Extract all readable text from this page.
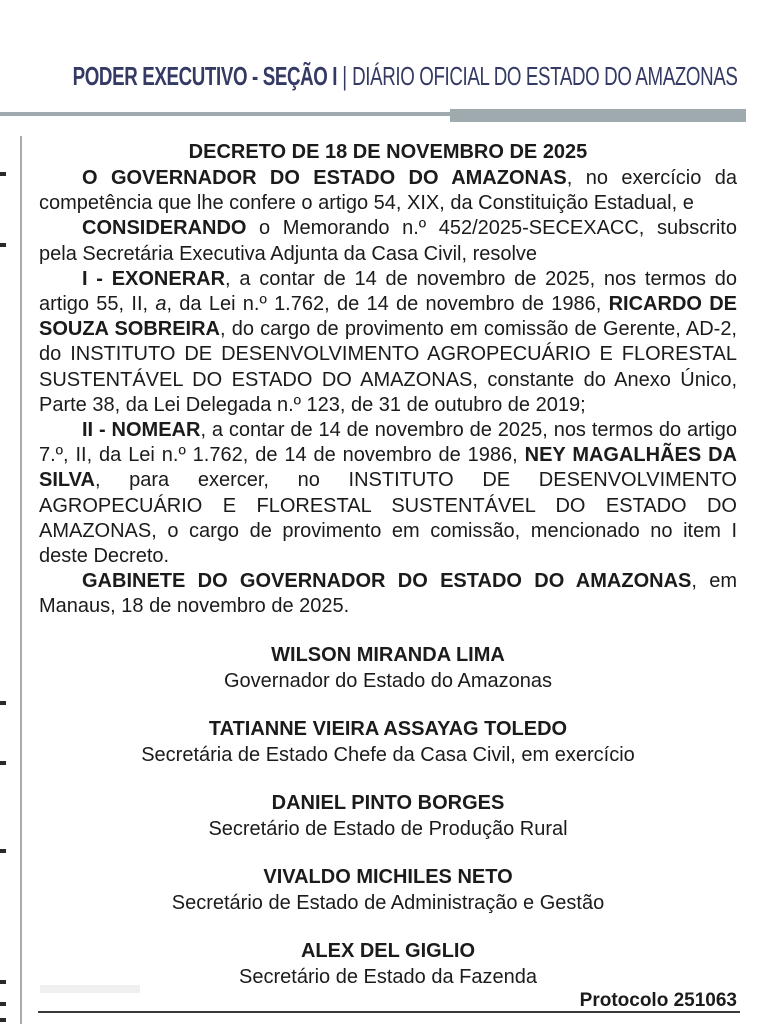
PODER EXECUTIVO - SEÇÃO I | DIÁRIO OFICIAL DO ESTADO DO AMAZONAS
DECRETO DE 18 DE NOVEMBRO DE 2025

O GOVERNADOR DO ESTADO DO AMAZONAS, no exercício da competência que lhe confere o artigo 54, XIX, da Constituição Estadual, e

CONSIDERANDO o Memorando n.º 452/2025-SECEXACC, subscrito pela Secretária Executiva Adjunta da Casa Civil, resolve

I - EXONERAR, a contar de 14 de novembro de 2025, nos termos do artigo 55, II, a, da Lei n.º 1.762, de 14 de novembro de 1986, RICARDO DE SOUZA SOBREIRA, do cargo de provimento em comissão de Gerente, AD-2, do INSTITUTO DE DESENVOLVIMENTO AGROPECUÁRIO E FLORESTAL SUSTENTÁVEL DO ESTADO DO AMAZONAS, constante do Anexo Único, Parte 38, da Lei Delegada n.º 123, de 31 de outubro de 2019;

II - NOMEAR, a contar de 14 de novembro de 2025, nos termos do artigo 7.º, II, da Lei n.º 1.762, de 14 de novembro de 1986, NEY MAGALHÃES DA SILVA, para exercer, no INSTITUTO DE DESENVOLVIMENTO AGROPECUÁRIO E FLORESTAL SUSTENTÁVEL DO ESTADO DO AMAZONAS, o cargo de provimento em comissão, mencionado no item I deste Decreto.

GABINETE DO GOVERNADOR DO ESTADO DO AMAZONAS, em Manaus, 18 de novembro de 2025.

WILSON MIRANDA LIMA
Governador do Estado do Amazonas
TATIANNE VIEIRA ASSAYAG TOLEDO
Secretária de Estado Chefe da Casa Civil, em exercício
DANIEL PINTO BORGES
Secretário de Estado de Produção Rural
VIVALDO MICHILES NETO
Secretário de Estado de Administração e Gestão
ALEX DEL GIGLIO
Secretário de Estado da Fazenda
Protocolo 251063
